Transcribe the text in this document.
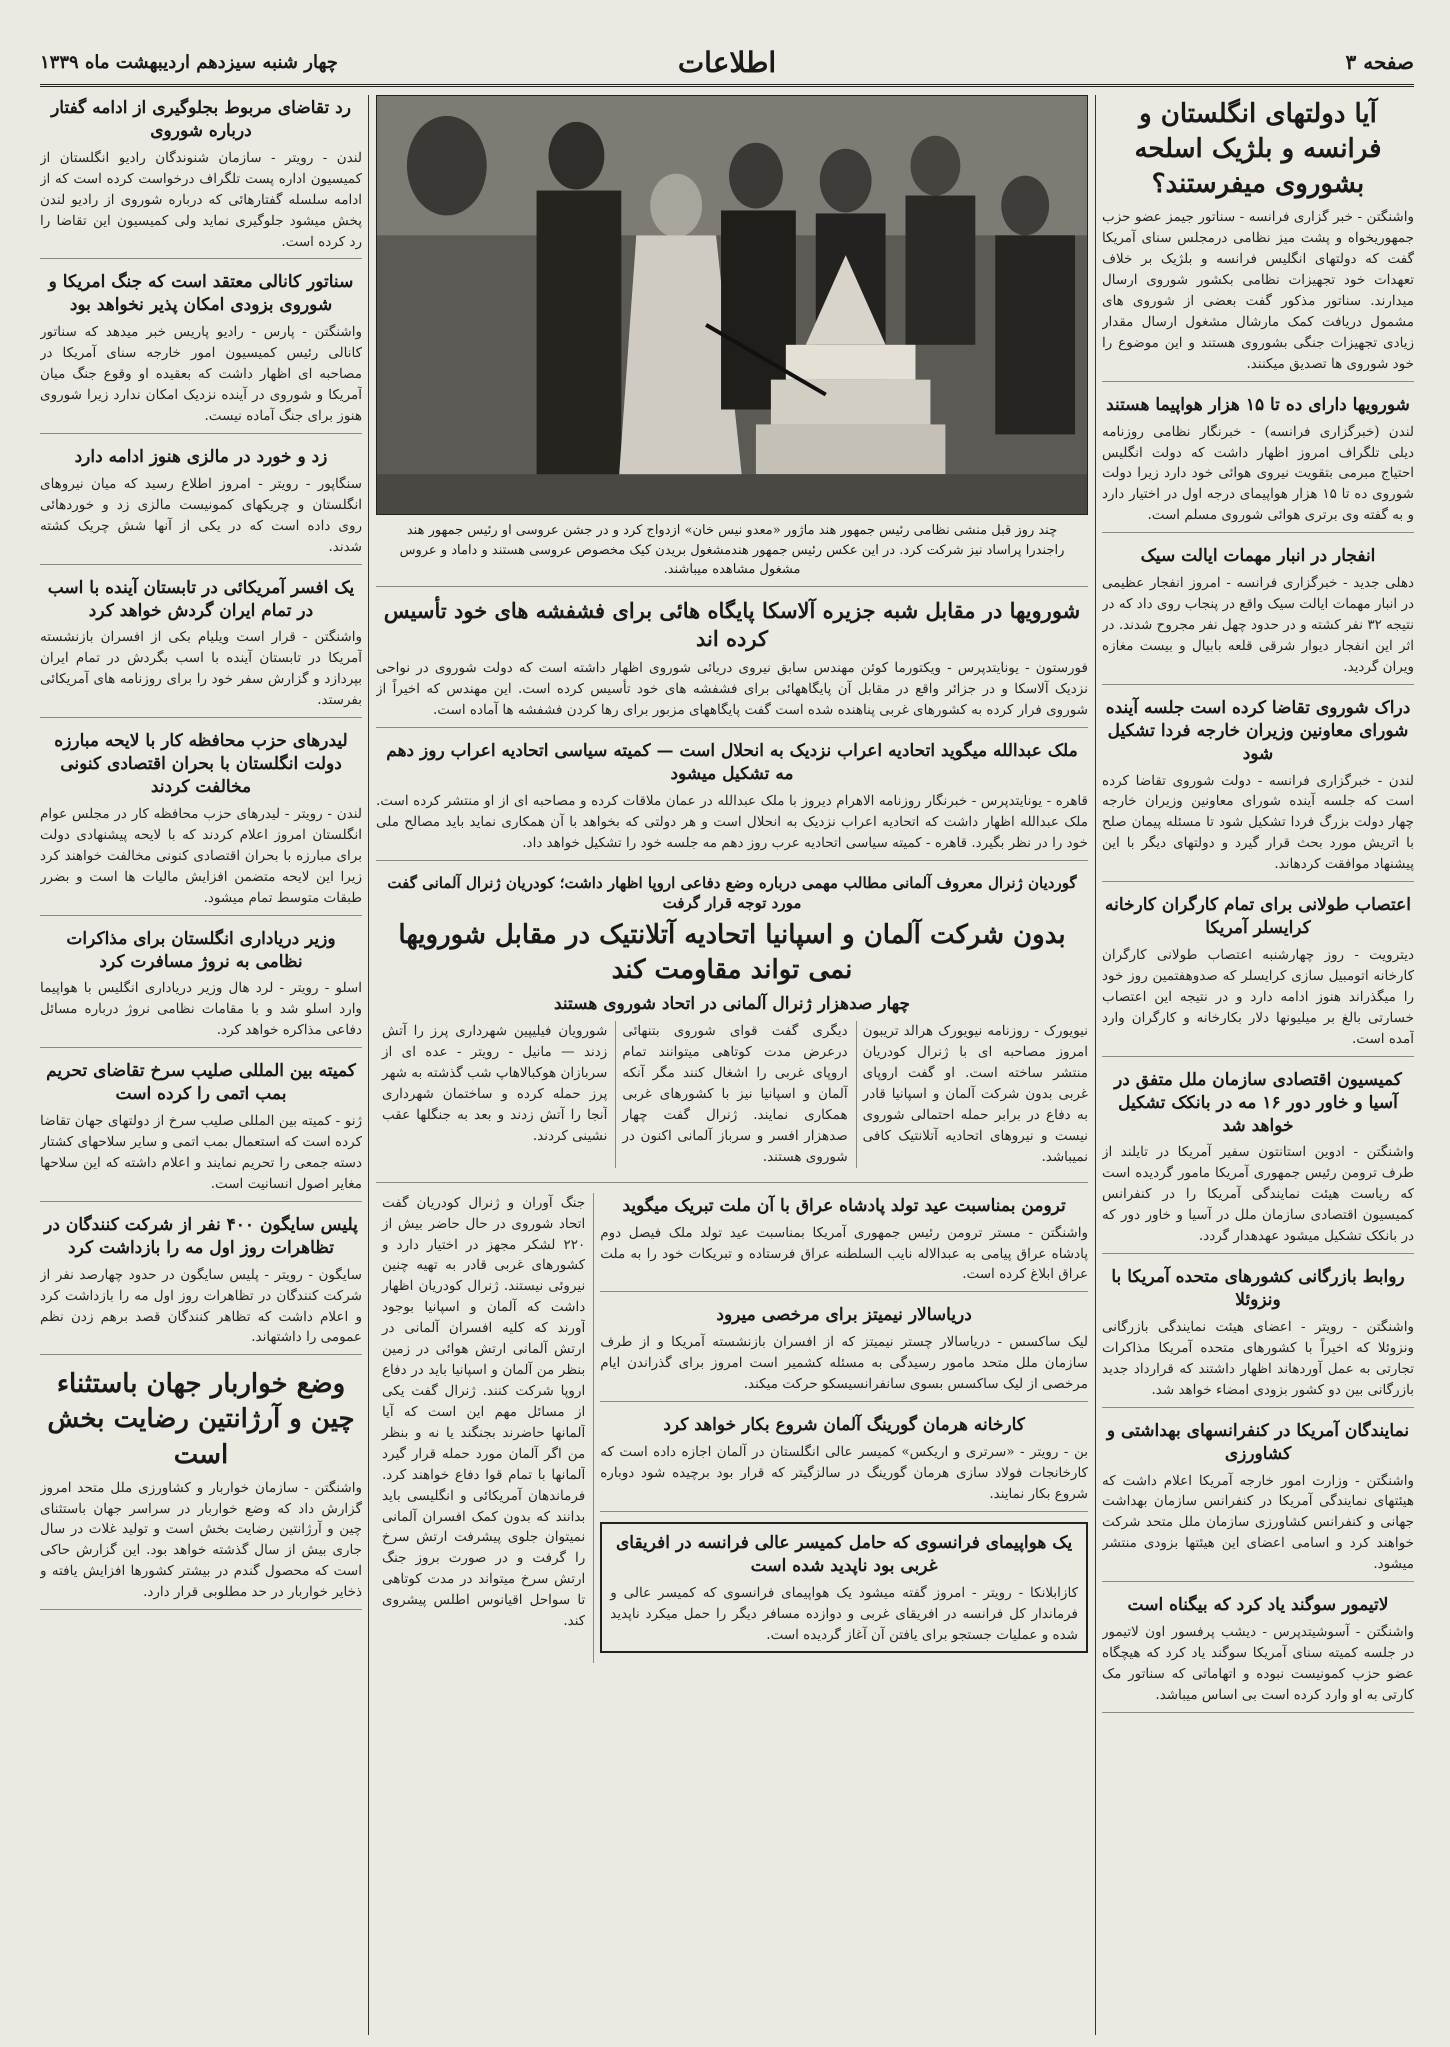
صفحه ۳
اطلاعات
چهار شنبه سیزدهم اردیبهشت ماه ۱۳۳۹
آیا دولتهای انگلستان و فرانسه و بلژیک اسلحه بشوروی میفرستند؟

واشنگتن - خبر گزاری فرانسه - سناتور جیمز عضو حزب جمهوریخواه و پشت میز نظامی درمجلس سنای آمریکا گفت که دولتهای انگلیس فرانسه و بلژیک بر خلاف تعهدات خود تجهیزات نظامی بکشور شوروی ارسال میدارند. سناتور مذکور گفت بعضی از شوروی های مشمول دریافت کمک مارشال مشغول ارسال مقدار زیادی تجهیزات جنگی بشوروی هستند و این موضوع را خود شوروی ها تصدیق میکنند.

شورویها دارای ده تا ۱۵ هزار هواپیما هستند

لندن (خبرگزاری فرانسه) - خبرنگار نظامی روزنامه دیلی تلگراف امروز اظهار داشت که دولت انگلیس احتیاج مبرمی بتقویت نیروی هوائی خود دارد زیرا دولت شوروی ده تا ۱۵ هزار هواپیمای درجه اول در اختیار دارد و به گفته وی برتری هوائی شوروی مسلم است.

انفجار در انبار مهمات ایالت سیک

دهلی جدید - خبرگزاری فرانسه - امروز انفجار عظیمی در انبار مهمات ایالت سیک واقع در پنجاب روی داد که در نتیجه ۳۲ نفر کشته و در حدود چهل نفر مجروح شدند. در اثر این انفجار دیوار شرقی قلعه بابیال و بیست مغازه ویران گردید.

دراک شوروی تقاضا کرده است جلسه آینده شورای معاونین وزیران خارجه فردا تشکیل شود

لندن - خبرگزاری فرانسه - دولت شوروی تقاضا کرده است که جلسه آینده شورای معاونین وزیران خارجه چهار دولت بزرگ فردا تشکیل شود تا مسئله پیمان صلح با اتریش مورد بحث قرار گیرد و دولتهای دیگر با این پیشنهاد موافقت کردهاند.

اعتصاب طولانی برای تمام کارگران کارخانه کرایسلر آمریکا

دیترویت - روز چهارشنبه اعتصاب طولانی کارگران کارخانه اتومبیل سازی کرایسلر که صدوهفتمین روز خود را میگذراند هنوز ادامه دارد و در نتیجه این اعتصاب خسارتی بالغ بر میلیونها دلار بکارخانه و کارگران وارد آمده است.

کمیسیون اقتصادی سازمان ملل متفق در آسیا و خاور دور ۱۶ مه در بانکک تشکیل خواهد شد

واشنگتن - ادوین استانتون سفیر آمریکا در تایلند از طرف ترومن رئیس جمهوری آمریکا مامور گردیده است که ریاست هیئت نمایندگی آمریکا را در کنفرانس کمیسیون اقتصادی سازمان ملل در آسیا و خاور دور که در بانکک تشکیل میشود عهدهدار گردد.

روابط بازرگانی کشورهای متحده آمریکا با ونزوئلا

واشنگتن - رویتر - اعضای هیئت نمایندگی بازرگانی ونزوئلا که اخیراً با کشورهای متحده آمریکا مذاکرات تجارتی به عمل آوردهاند اظهار داشتند که قرارداد جدید بازرگانی بین دو کشور بزودی امضاء خواهد شد.

نمایندگان آمریکا در کنفرانسهای بهداشتی و کشاورزی

واشنگتن - وزارت امور خارجه آمریکا اعلام داشت که هیئتهای نمایندگی آمریکا در کنفرانس سازمان بهداشت جهانی و کنفرانس کشاورزی سازمان ملل متحد شرکت خواهند کرد و اسامی اعضای این هیئتها بزودی منتشر میشود.

لاتیمور سوگند یاد کرد که بیگناه است

واشنگتن - آسوشیتدپرس - دیشب پرفسور اون لاتیمور در جلسه کمیته سنای آمریکا سوگند یاد کرد که هیچگاه عضو حزب کمونیست نبوده و اتهاماتی که سناتور مک کارتی به او وارد کرده است بی اساس میباشد.

چند روز قبل منشی نظامی رئیس جمهور هند ماژور «معدو نیس خان» ازدواج کرد و در جشن عروسی او رئیس جمهور هند راجندرا پراساد نیز شرکت کرد. در این عکس رئیس جمهور هندمشغول بریدن کیک مخصوص عروسی هستند و داماد و عروس مشغول مشاهده میباشند.
شورویها در مقابل شبه جزیره آلاسکا پایگاه هائی برای فشفشه های خود تأسیس کرده اند

فورستون - یونایتدپرس - ویکتورما کوئن مهندس سابق نیروی دریائی شوروی اظهار داشته است که دولت شوروی در نواحی نزدیک آلاسکا و در جزائر واقع در مقابل آن پایگاههائی برای فشفشه های خود تأسیس کرده است. این مهندس که اخیراً از شوروی فرار کرده به کشورهای غربی پناهنده شده است گفت پایگاههای مزبور برای رها کردن فشفشه ها آماده است.

ملک عبدالله میگوید اتحادیه اعراب نزدیک به انحلال است — کمیته سیاسی اتحادیه اعراب روز دهم مه تشکیل میشود

قاهره - یونایتدپرس - خبرنگار روزنامه الاهرام دیروز با ملک عبدالله در عمان ملاقات کرده و مصاحبه ای از او منتشر کرده است. ملک عبدالله اظهار داشت که اتحادیه اعراب نزدیک به انحلال است و هر دولتی که بخواهد با آن همکاری نماید باید مصالح ملی خود را در نظر بگیرد. قاهره - کمیته سیاسی اتحادیه عرب روز دهم مه جلسه خود را تشکیل خواهد داد.

گوردیان ژنرال معروف آلمانی مطالب مهمی درباره وضع دفاعی اروپا اظهار داشت؛ کودریان ژنرال آلمانی گفت مورد توجه قرار گرفت
بدون شرکت آلمان و اسپانیا اتحادیه آتلانتیک در مقابل شورویها نمی تواند مقاومت کند
چهار صدهزار ژنرال آلمانی در اتحاد شوروی هستند

نیویورک - روزنامه نیویورک هرالد تریبون امروز مصاحبه ای با ژنرال کودریان منتشر ساخته است. او گفت اروپای غربی بدون شرکت آلمان و اسپانیا قادر به دفاع در برابر حمله احتمالی شوروی نیست و نیروهای اتحادیه آتلانتیک کافی نمیباشد.

دیگری گفت قوای شوروی بتنهائی درعرض مدت کوتاهی میتوانند تمام اروپای غربی را اشغال کنند مگر آنکه آلمان و اسپانیا نیز با کشورهای غربی همکاری نمایند. ژنرال گفت چهار صدهزار افسر و سرباز آلمانی اکنون در شوروی هستند.

شورویان فیلیپین شهرداری پرز را آتش زدند — مانیل - رویتر - عده ای از سربازان هوکبالاهاپ شب گذشته به شهر پرز حمله کرده و ساختمان شهرداری آنجا را آتش زدند و بعد به جنگلها عقب نشینی کردند.

ترومن بمناسبت عید تولد پادشاه عراق با آن ملت تبریک میگوید

واشنگتن - مستر ترومن رئیس جمهوری آمریکا بمناسبت عید تولد ملک فیصل دوم پادشاه عراق پیامی به عبدالاله نایب السلطنه عراق فرستاده و تبریکات خود را به ملت عراق ابلاغ کرده است.

دریاسالار نیمیتز برای مرخصی میرود

لیک ساکسس - دریاسالار چستر نیمیتز که از افسران بازنشسته آمریکا و از طرف سازمان ملل متحد مامور رسیدگی به مسئله کشمیر است امروز برای گذراندن ایام مرخصی از لیک ساکسس بسوی سانفرانسیسکو حرکت میکند.

کارخانه هرمان گورینگ آلمان شروع بکار خواهد کرد

بن - رویتر - «سرتری و اریکس» کمیسر عالی انگلستان در آلمان اجازه داده است که کارخانجات فولاد سازی هرمان گورینگ در سالزگیتر که قرار بود برچیده شود دوباره شروع بکار نمایند.

یک هواپیمای فرانسوی که حامل کمیسر عالی فرانسه در افریقای غربی بود ناپدید شده است

کازابلانکا - رویتر - امروز گفته میشود یک هواپیمای فرانسوی که کمیسر عالی و فرماندار کل فرانسه در افریقای غربی و دوازده مسافر دیگر را حمل میکرد ناپدید شده و عملیات جستجو برای یافتن آن آغاز گردیده است.

جنگ آوران و ژنرال کودریان گفت اتحاد شوروی در حال حاضر بیش از ۲۲۰ لشکر مجهز در اختیار دارد و کشورهای غربی قادر به تهیه چنین نیروئی نیستند. ژنرال کودریان اظهار داشت که آلمان و اسپانیا بوجود آورند که کلیه افسران آلمانی در ارتش آلمانی ارتش هوائی در زمین بنظر من آلمان و اسپانیا باید در دفاع اروپا شرکت کنند. ژنرال گفت یکی از مسائل مهم این است که آیا آلمانها حاضرند بجنگند یا نه و بنظر من اگر آلمان مورد حمله قرار گیرد آلمانها با تمام قوا دفاع خواهند کرد. فرماندهان آمریکائی و انگلیسی باید بدانند که بدون کمک افسران آلمانی نمیتوان جلوی پیشرفت ارتش سرخ را گرفت و در صورت بروز جنگ ارتش سرخ میتواند در مدت کوتاهی تا سواحل اقیانوس اطلس پیشروی کند.

رد تقاضای مربوط بجلوگیری از ادامه گفتار درباره شوروی

لندن - رویتر - سازمان شنوندگان رادیو انگلستان از کمیسیون اداره پست تلگراف درخواست کرده است که از ادامه سلسله گفتارهائی که درباره شوروی از رادیو لندن پخش میشود جلوگیری نماید ولی کمیسیون این تقاضا را رد کرده است.

سناتور کانالی معتقد است که جنگ امریکا و شوروی بزودی امکان پذیر نخواهد بود

واشنگتن - پارس - رادیو پاریس خبر میدهد که سناتور کانالی رئیس کمیسیون امور خارجه سنای آمریکا در مصاحبه ای اظهار داشت که بعقیده او وقوع جنگ میان آمریکا و شوروی در آینده نزدیک امکان ندارد زیرا شوروی هنوز برای جنگ آماده نیست.

زد و خورد در مالزی هنوز ادامه دارد

سنگاپور - رویتر - امروز اطلاع رسید که میان نیروهای انگلستان و چریکهای کمونیست مالزی زد و خوردهائی روی داده است که در یکی از آنها شش چریک کشته شدند.

یک افسر آمریکائی در تابستان آینده با اسب در تمام ایران گردش خواهد کرد

واشنگتن - قرار است ویلیام بکی از افسران بازنشسته آمریکا در تابستان آینده با اسب بگردش در تمام ایران بپردازد و گزارش سفر خود را برای روزنامه های آمریکائی بفرستد.

لیدرهای حزب محافظه کار با لایحه مبارزه دولت انگلستان با بحران اقتصادی کنونی مخالفت کردند

لندن - رویتر - لیدرهای حزب محافظه کار در مجلس عوام انگلستان امروز اعلام کردند که با لایحه پیشنهادی دولت برای مبارزه با بحران اقتصادی کنونی مخالفت خواهند کرد زیرا این لایحه متضمن افزایش مالیات ها است و بضرر طبقات متوسط تمام میشود.

وزیر دریاداری انگلستان برای مذاکرات نظامی به نروژ مسافرت کرد

اسلو - رویتر - لرد هال وزیر دریاداری انگلیس با هواپیما وارد اسلو شد و با مقامات نظامی نروژ درباره مسائل دفاعی مذاکره خواهد کرد.

کمیته بین المللی صلیب سرخ تقاضای تحریم بمب اتمی را کرده است

ژنو - کمیته بین المللی صلیب سرخ از دولتهای جهان تقاضا کرده است که استعمال بمب اتمی و سایر سلاحهای کشتار دسته جمعی را تحریم نمایند و اعلام داشته که این سلاحها مغایر اصول انسانیت است.

پلیس سایگون ۴۰۰ نفر از شرکت کنندگان در تظاهرات روز اول مه را بازداشت کرد

سایگون - رویتر - پلیس سایگون در حدود چهارصد نفر از شرکت کنندگان در تظاهرات روز اول مه را بازداشت کرد و اعلام داشت که تظاهر کنندگان قصد برهم زدن نظم عمومی را داشتهاند.

وضع خواربار جهان باستثناء چین و آرژانتین رضایت بخش است

واشنگتن - سازمان خواربار و کشاورزی ملل متحد امروز گزارش داد که وضع خواربار در سراسر جهان باستثنای چین و آرژانتین رضایت بخش است و تولید غلات در سال جاری بیش از سال گذشته خواهد بود. این گزارش حاکی است که محصول گندم در بیشتر کشورها افزایش یافته و ذخایر خواربار در حد مطلوبی قرار دارد.
